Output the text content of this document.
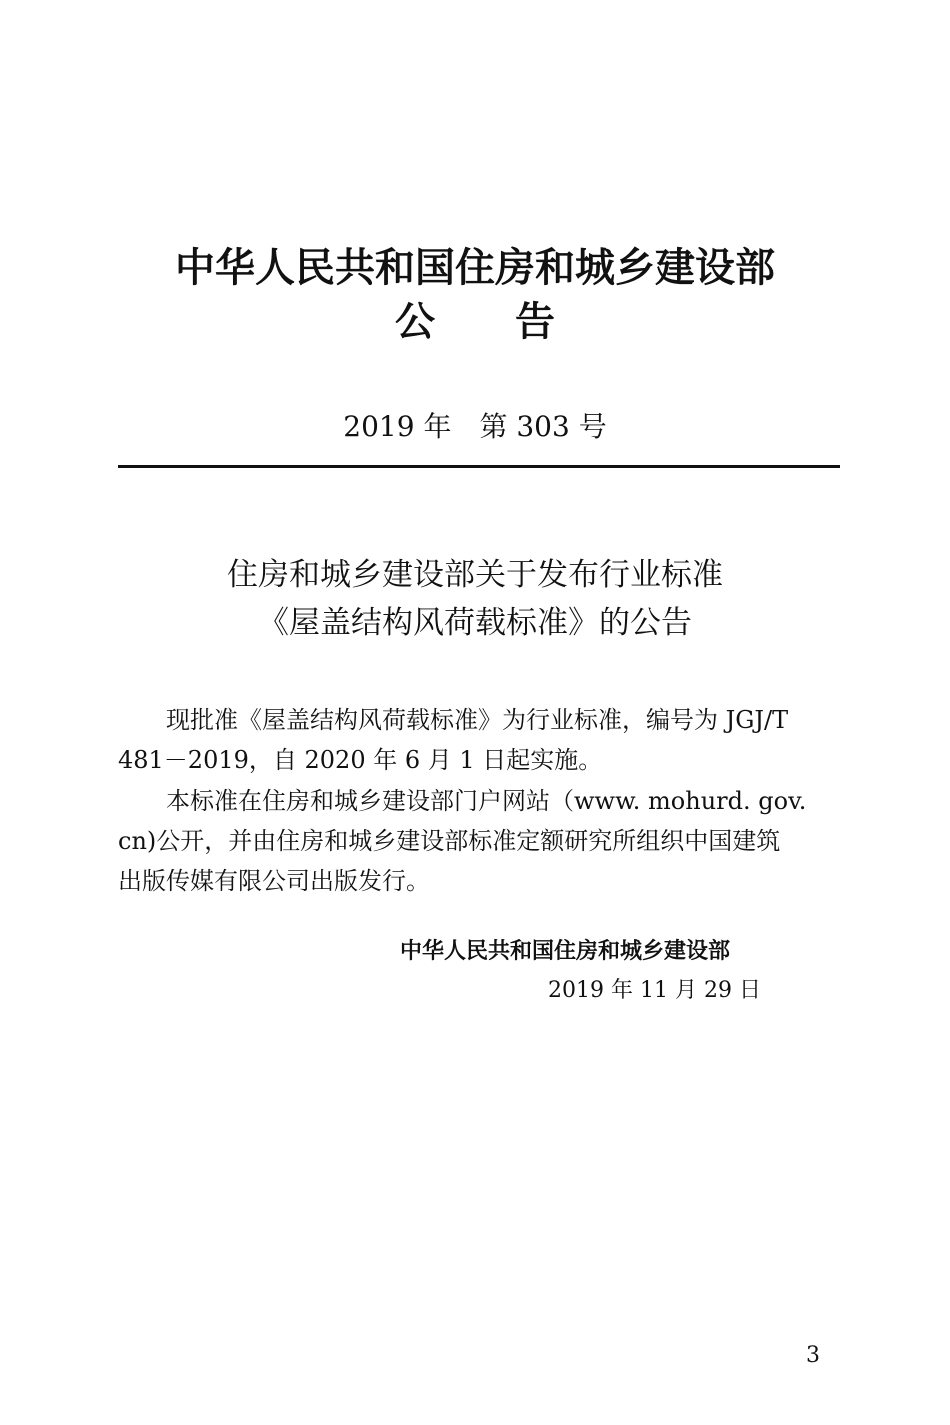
中华人民共和国住房和城乡建设部
公　　告
2019 年　第 303 号
住房和城乡建设部关于发布行业标准
《屋盖结构风荷载标准》的公告
　　现批准《屋盖结构风荷载标准》为行业标准，编号为 JGJ/T
481－2019，自 2020 年 6 月 1 日起实施。
　　本标准在住房和城乡建设部门户网站（www. mohurd. gov.
cn)公开，并由住房和城乡建设部标准定额研究所组织中国建筑
出版传媒有限公司出版发行。
中华人民共和国住房和城乡建设部
2019 年 11 月 29 日
3
